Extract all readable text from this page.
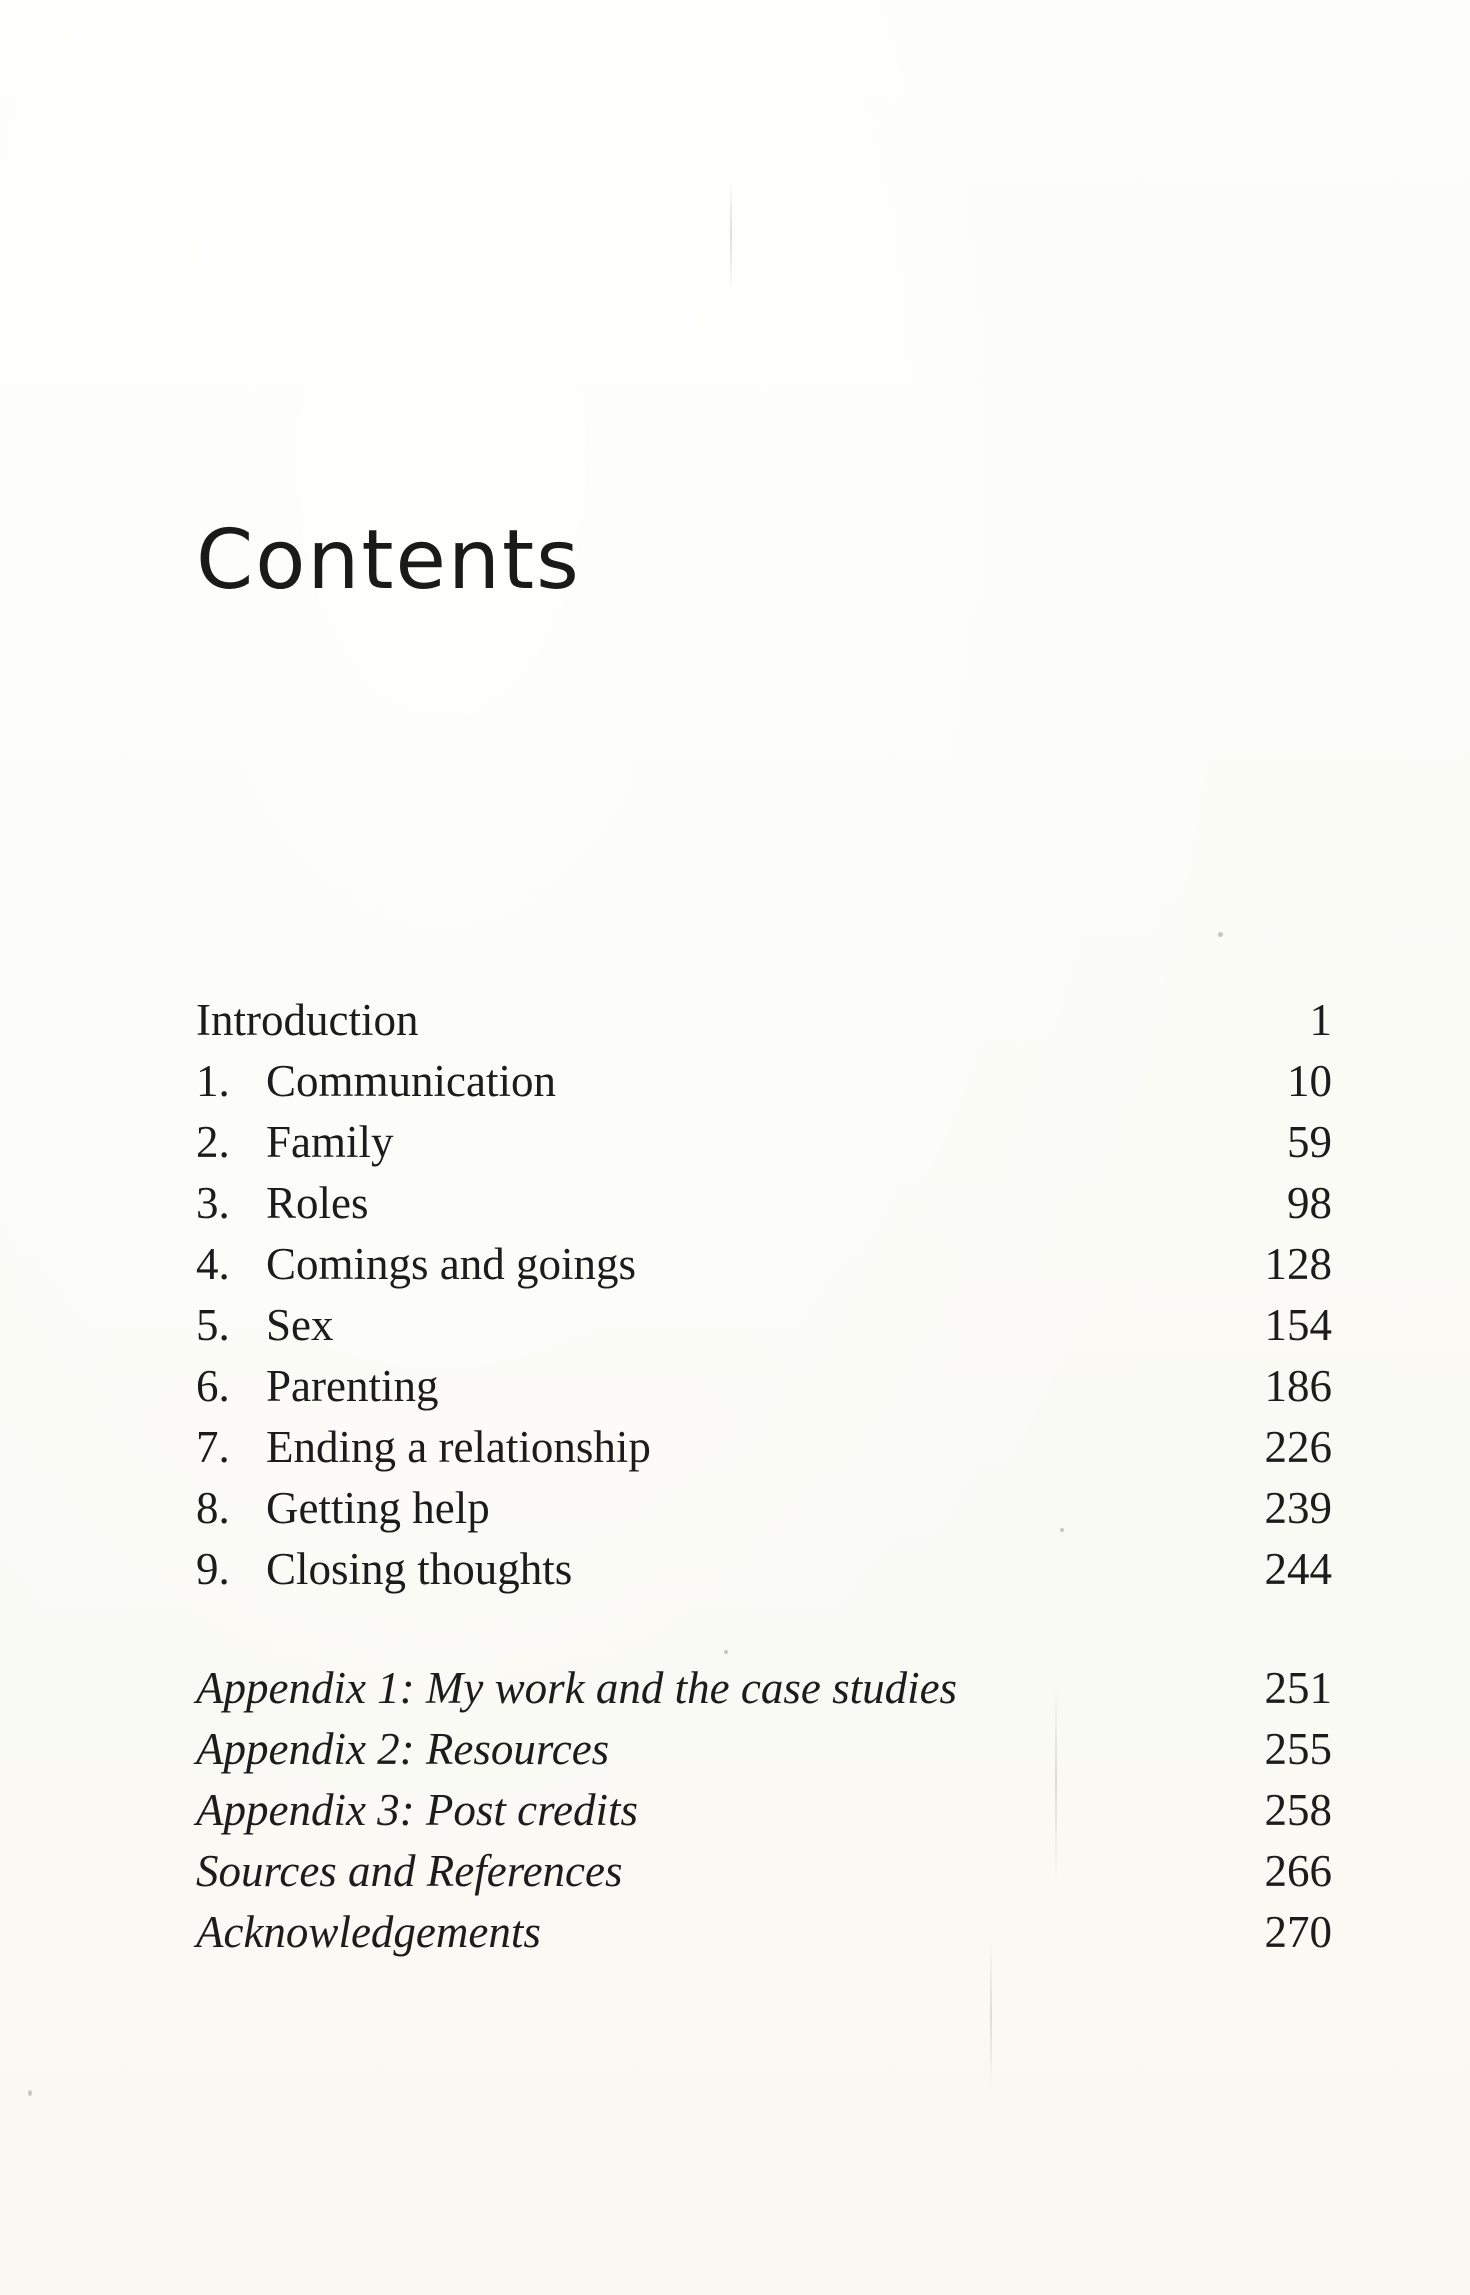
Contents
Introduction	1
1. Communication	10
2. Family	59
3. Roles	98
4. Comings and goings	128
5. Sex	154
6. Parenting	186
7. Ending a relationship	226
8. Getting help	239
9. Closing thoughts	244
Appendix 1: My work and the case studies	251
Appendix 2: Resources	255
Appendix 3: Post credits	258
Sources and References	266
Acknowledgements	270
